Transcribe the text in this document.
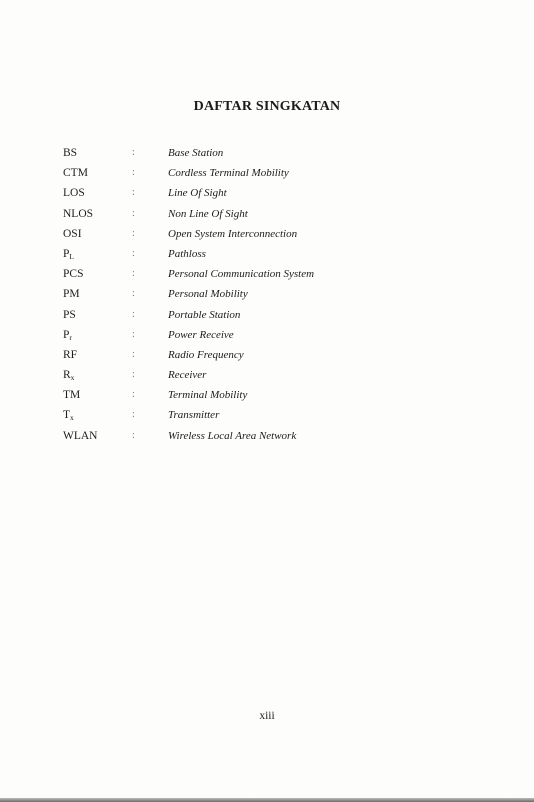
DAFTAR SINGKATAN
BS	:	Base Station
CTM	:	Cordless Terminal Mobility
LOS	:	Line Of Sight
NLOS	:	Non Line Of Sight
OSI	:	Open System Interconnection
$P_L$	:	Pathloss
PCS	:	Personal Communication System
PM	:	Personal Mobility
PS	:	Portable Station
$P_r$	:	Power Receive
RF	:	Radio Frequency
$R_x$	:	Receiver
TM	:	Terminal Mobility
$T_x$	:	Transmitter
WLAN	:	Wireless Local Area Network
xiii
